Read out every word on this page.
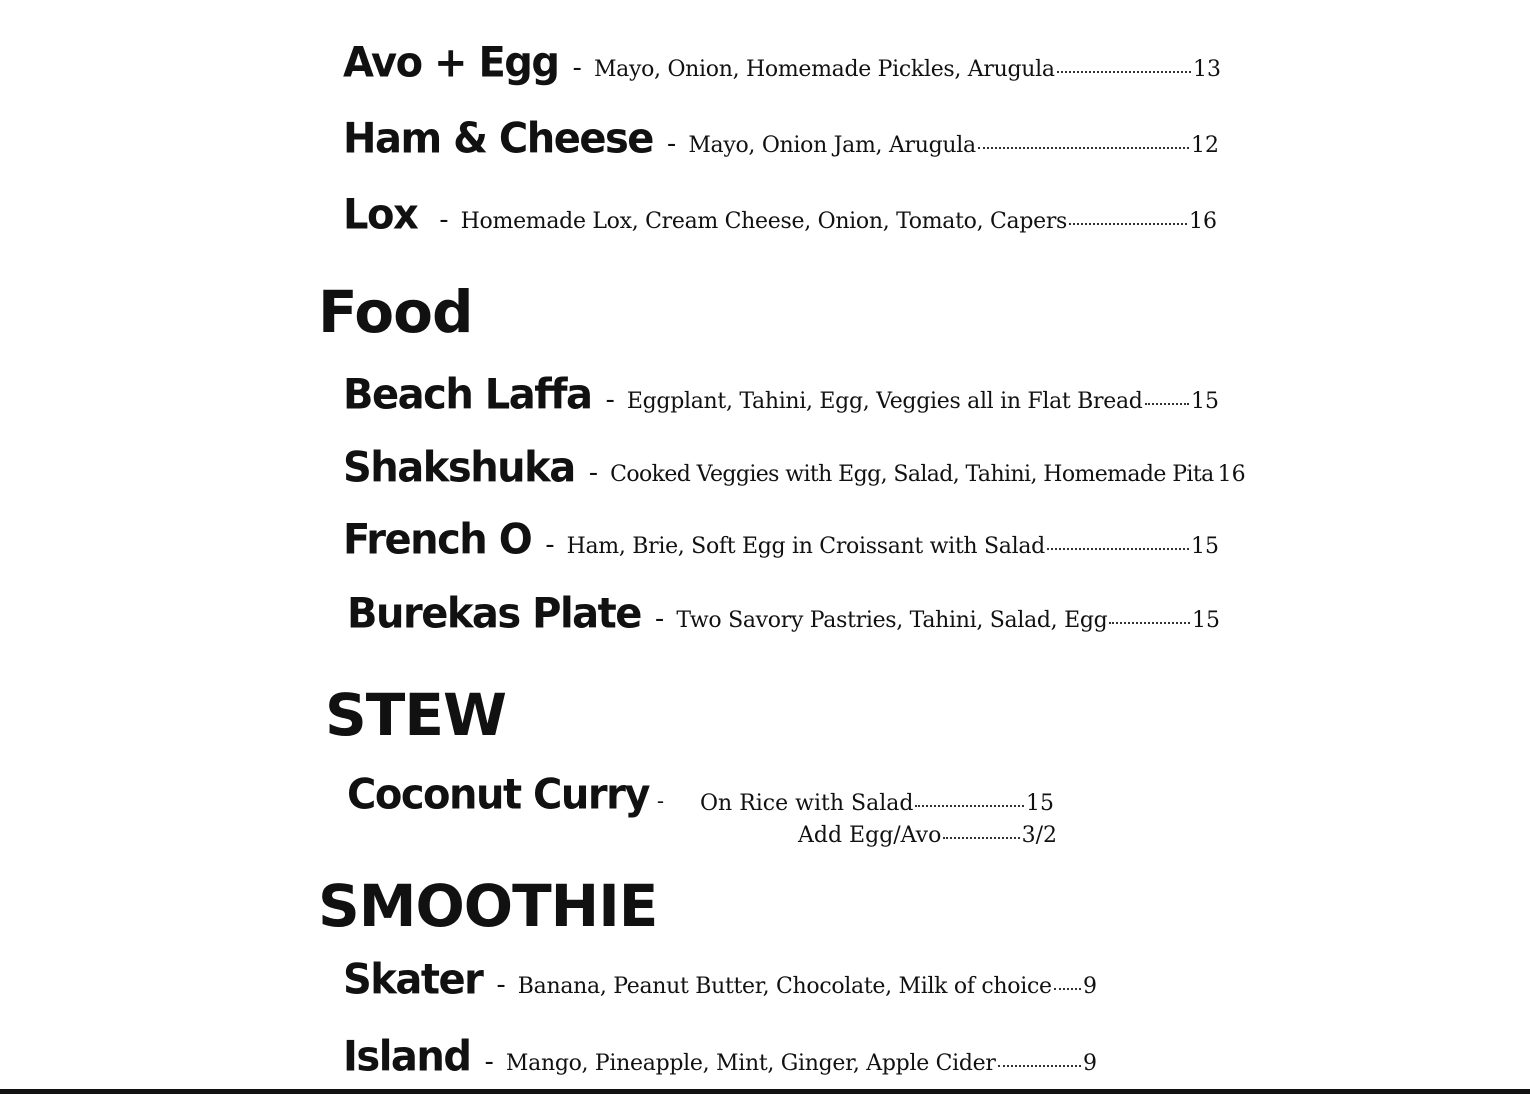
Avo + Egg - Mayo, Onion, Homemade Pickles, Arugula	13
Ham & Cheese - Mayo, Onion Jam, Arugula	12
Lox - Homemade Lox, Cream Cheese, Onion, Tomato, Capers	16
Food
Beach Laffa - Eggplant, Tahini, Egg, Veggies all in Flat Bread 15
Shakshuka - Cooked Veggies with Egg, Salad, Tahini, Homemade Pita 16
French O - Ham, Brie, Soft Egg in Croissant with Salad	15
Burekas Plate - Two Savory Pastries, Tahini, Salad, Egg	15
STEW
Coconut Curry - On Rice with Salad	15
Add Egg/Avo	3/2
SMOOTHIE
Skater - Banana, Peanut Butter, Chocolate, Milk of choice 9
Island - Mango, Pineapple, Mint, Ginger, Apple Cider	9
